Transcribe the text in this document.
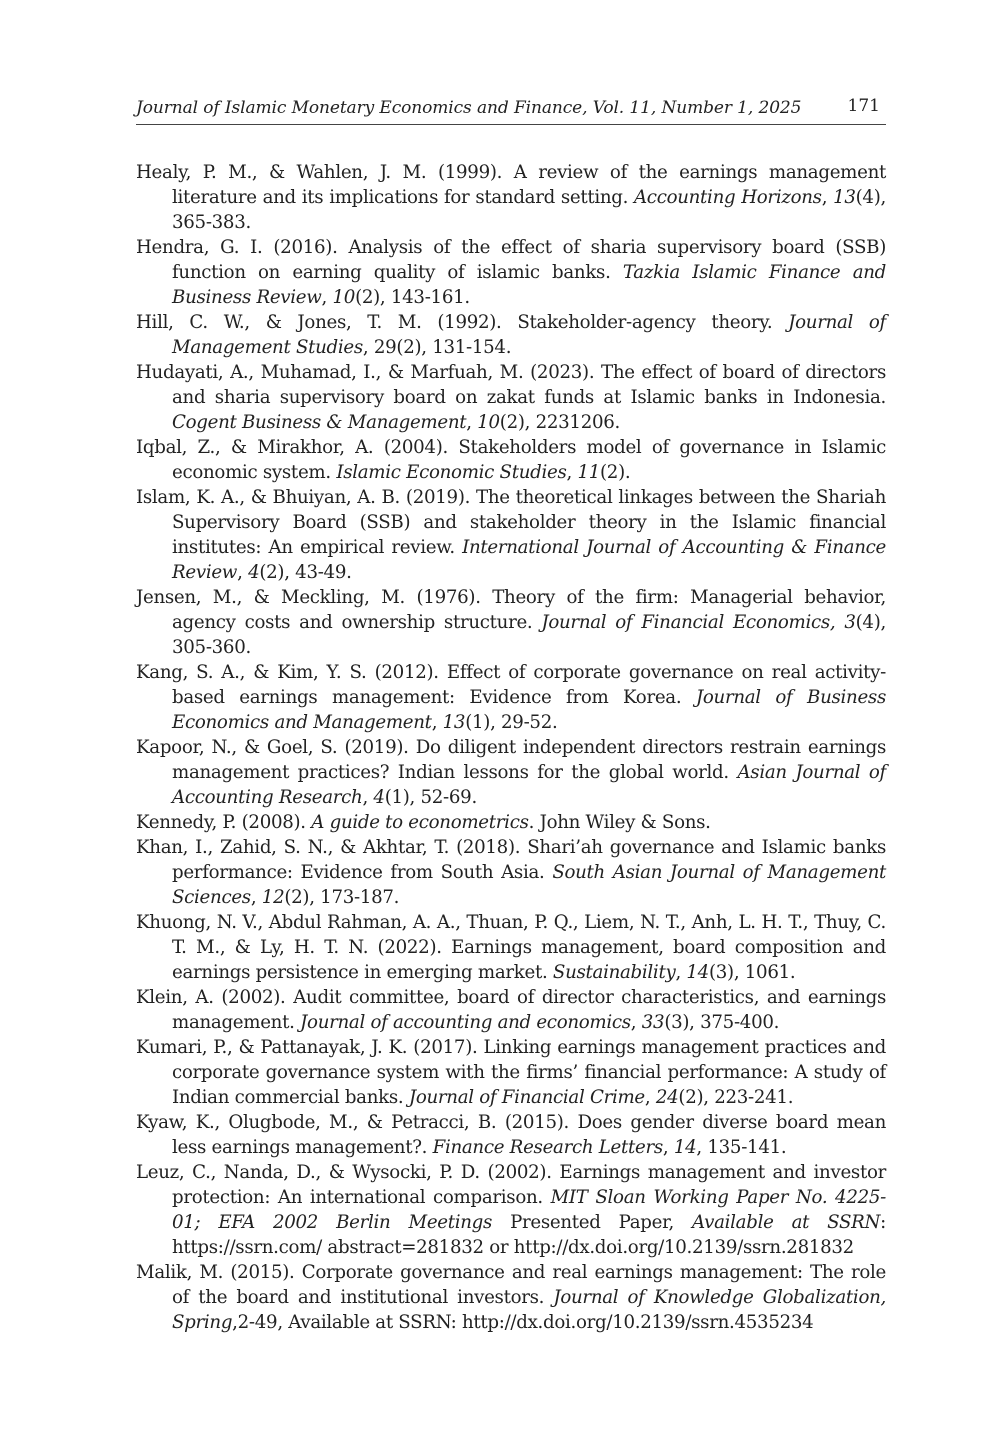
Journal of Islamic Monetary Economics and Finance, Vol. 11, Number 1, 2025	171

Healy, P. M., & Wahlen, J. M. (1999). A review of the earnings management literature and its implications for standard setting. Accounting Horizons, 13(4), 365-383.

Hendra, G. I. (2016). Analysis of the effect of sharia supervisory board (SSB) function on earning quality of islamic banks. Tazkia Islamic Finance and Business Review, 10(2), 143-161.

Hill, C. W., & Jones, T. M. (1992). Stakeholder-agency theory. Journal of Management Studies, 29(2), 131-154.

Hudayati, A., Muhamad, I., & Marfuah, M. (2023). The effect of board of directors and sharia supervisory board on zakat funds at Islamic banks in Indonesia. Cogent Business & Management, 10(2), 2231206.

Iqbal, Z., & Mirakhor, A. (2004). Stakeholders model of governance in Islamic economic system. Islamic Economic Studies, 11(2).

Islam, K. A., & Bhuiyan, A. B. (2019). The theoretical linkages between the Shariah Supervisory Board (SSB) and stakeholder theory in the Islamic financial institutes: An empirical review. International Journal of Accounting & Finance Review, 4(2), 43-49.

Jensen, M., & Meckling, M. (1976). Theory of the firm: Managerial behavior, agency costs and ownership structure. Journal of Financial Economics, 3(4), 305-360.

Kang, S. A., & Kim, Y. S. (2012). Effect of corporate governance on real activity-based earnings management: Evidence from Korea. Journal of Business Economics and Management, 13(1), 29-52.

Kapoor, N., & Goel, S. (2019). Do diligent independent directors restrain earnings management practices? Indian lessons for the global world. Asian Journal of Accounting Research, 4(1), 52-69.

Kennedy, P. (2008). A guide to econometrics. John Wiley & Sons.

Khan, I., Zahid, S. N., & Akhtar, T. (2018). Shari’ah governance and Islamic banks performance: Evidence from South Asia. South Asian Journal of Management Sciences, 12(2), 173-187.

Khuong, N. V., Abdul Rahman, A. A., Thuan, P. Q., Liem, N. T., Anh, L. H. T., Thuy, C. T. M., & Ly, H. T. N. (2022). Earnings management, board composition and earnings persistence in emerging market. Sustainability, 14(3), 1061.

Klein, A. (2002). Audit committee, board of director characteristics, and earnings management. Journal of accounting and economics, 33(3), 375-400.

Kumari, P., & Pattanayak, J. K. (2017). Linking earnings management practices and corporate governance system with the firms’ financial performance: A study of Indian commercial banks. Journal of Financial Crime, 24(2), 223-241.

Kyaw, K., Olugbode, M., & Petracci, B. (2015). Does gender diverse board mean less earnings management?. Finance Research Letters, 14, 135-141.

Leuz, C., Nanda, D., & Wysocki, P. D. (2002). Earnings management and investor protection: An international comparison. MIT Sloan Working Paper No. 4225-01; EFA 2002 Berlin Meetings Presented Paper, Available at SSRN: https://ssrn.com/ abstract=281832 or http://dx.doi.org/10.2139/ssrn.281832

Malik, M. (2015). Corporate governance and real earnings management: The role of the board and institutional investors. Journal of Knowledge Globalization, Spring,2-49, Available at SSRN: http://dx.doi.org/10.2139/ssrn.4535234
